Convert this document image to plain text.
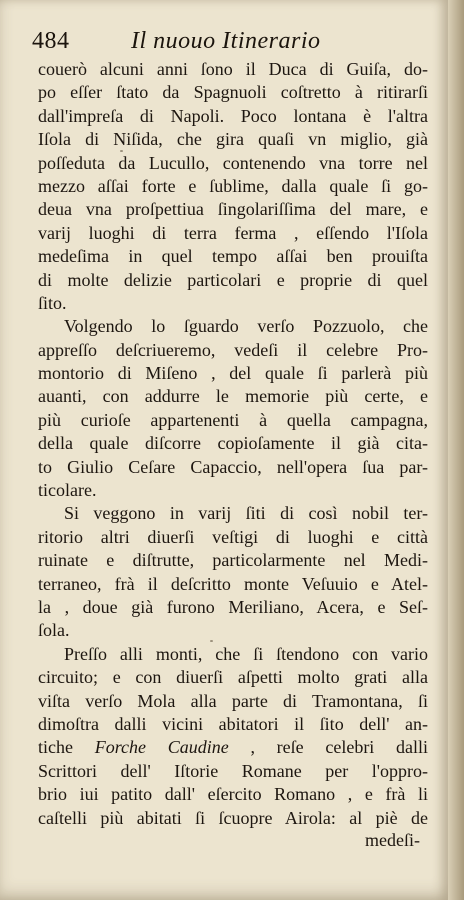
484	Il nuouo Itinerario
couerò alcuni anni ſono il Duca di Guiſa, do-
po eſſer ſtato da Spagnuoli coſtretto à ritirarſi
dall'impreſa di Napoli. Poco lontana è l'altra
Iſola di Niſida, che gira quaſi vn miglio, già
poſſeduta da Lucullo, contenendo vna torre nel
mezzo aſſai forte e ſublime, dalla quale ſi go-
deua vna proſpettiua ſingolariſſima del mare, e
varij luoghi di terra ferma , eſſendo l'Iſola
medeſima in quel tempo aſſai ben prouiſta
di molte delizie particolari e proprie di quel
ſito.
Volgendo lo ſguardo verſo Pozzuolo, che
appreſſo deſcriueremo, vedeſi il celebre Pro-
montorio di Miſeno , del quale ſi parlerà più
auanti, con addurre le memorie più certe, e
più curioſe appartenenti à quella campagna,
della quale diſcorre copioſamente il già cita-
to Giulio Ceſare Capaccio, nell'opera ſua par-
ticolare.
Si veggono in varij ſiti di così nobil ter-
ritorio altri diuerſi veſtigi di luoghi e città
ruinate e diſtrutte, particolarmente nel Medi-
terraneo, frà il deſcritto monte Veſuuio e Atel-
la , doue già furono Meriliano, Acera, e Seſ-
ſola.
Preſſo alli monti, che ſi ſtendono con vario
circuito; e con diuerſi aſpetti molto grati alla
viſta verſo Mola alla parte di Tramontana, ſi
dimoſtra dalli vicini abitatori il ſito dell' an-
tiche Forche Caudine , reſe celebri dalli
Scrittori dell' Iſtorie Romane per l'oppro-
brio iui patito dall' eſercito Romano , e frà li
caſtelli più abitati ſi ſcuopre Airola: al piè de
medeſi-
